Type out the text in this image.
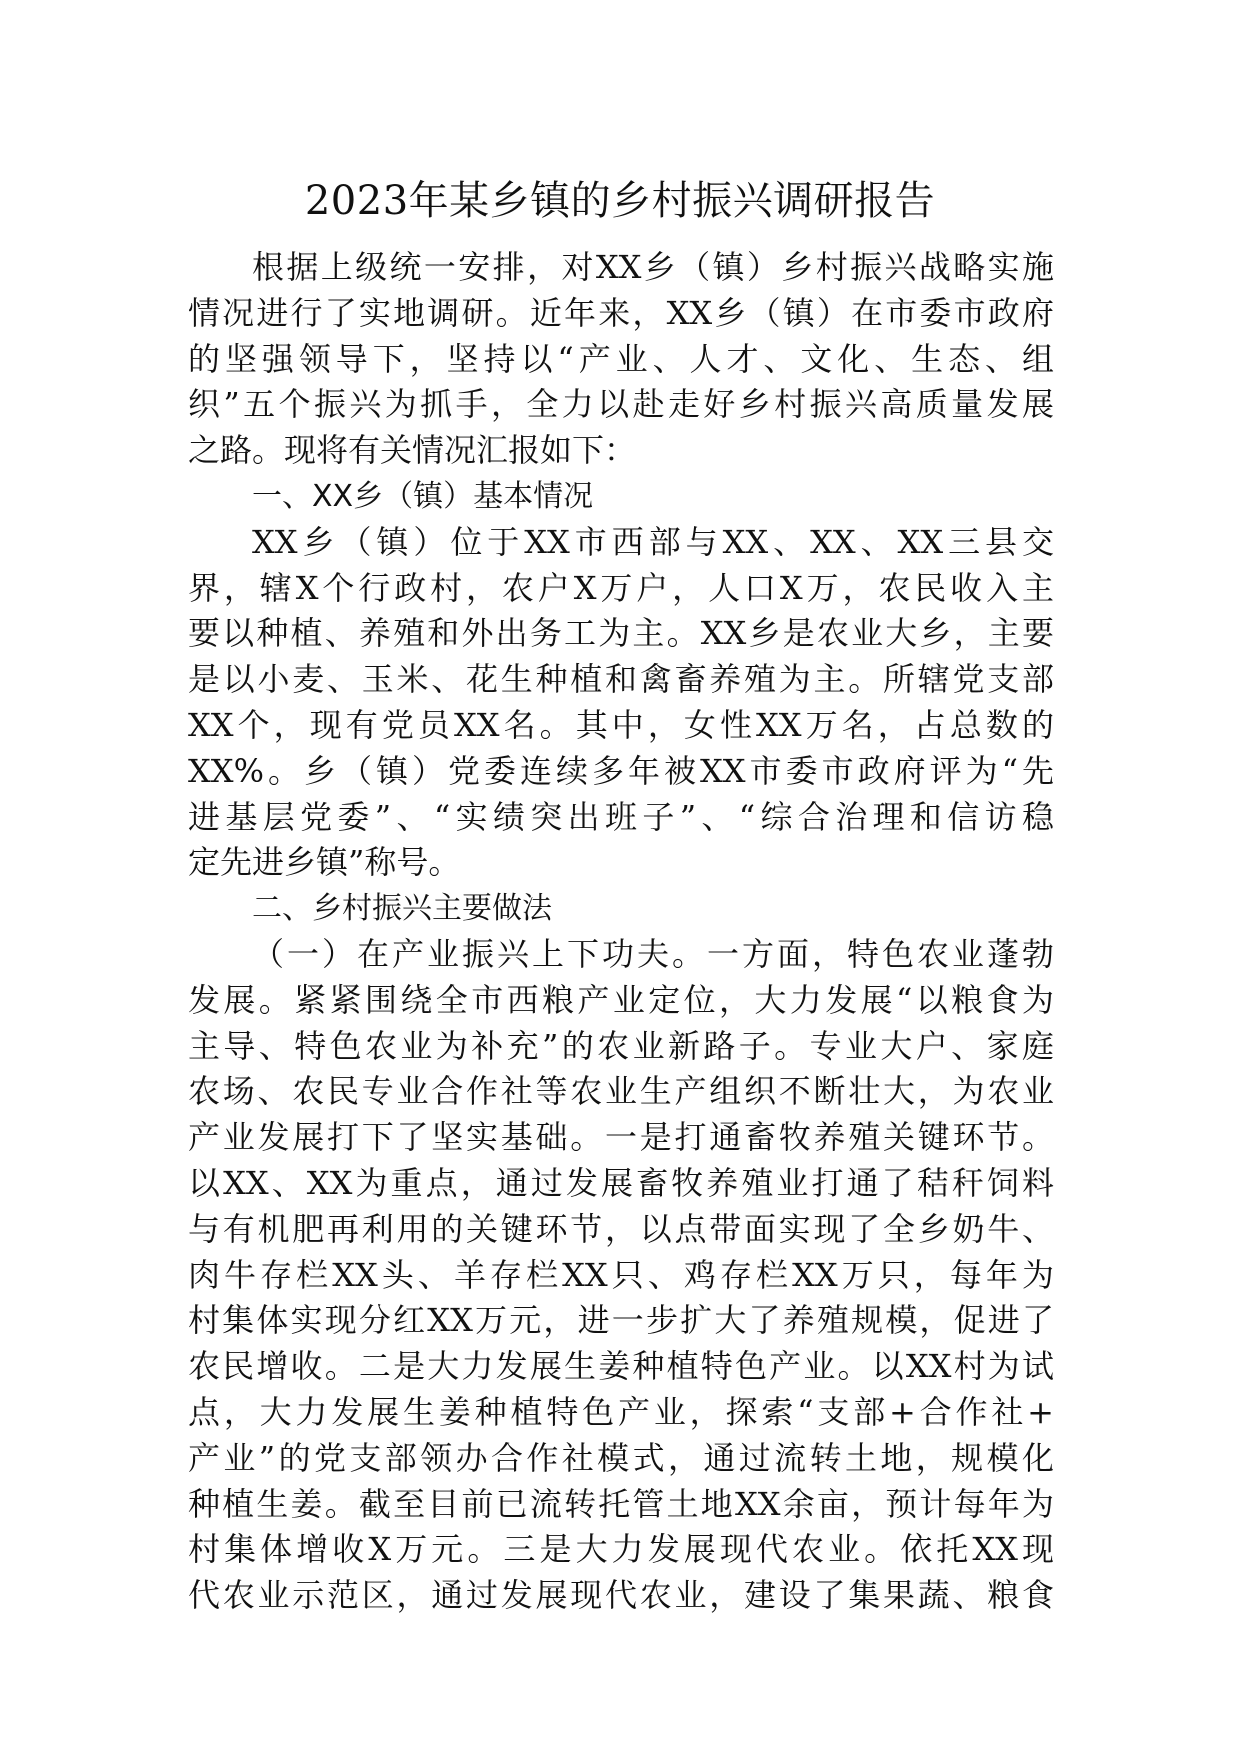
2023年某乡镇的乡村振兴调研报告
根据上级统一安排，对XX乡（镇）乡村振兴战略实施
情况进行了实地调研。近年来，XX乡（镇）在市委市政府
的坚强领导下，坚持以“产业、人才、文化、生态、组
织”五个振兴为抓手，全力以赴走好乡村振兴高质量发展
之路。现将有关情况汇报如下：
一、XX乡（镇）基本情况
XX乡（镇）位于XX市西部与XX、XX、XX三县交
界，辖X个行政村，农户X万户，人口X万，农民收入主
要以种植、养殖和外出务工为主。XX乡是农业大乡，主要
是以小麦、玉米、花生种植和禽畜养殖为主。所辖党支部
XX个，现有党员XX名。其中，女性XX万名，占总数的
XX%。乡（镇）党委连续多年被XX市委市政府评为“先
进基层党委”、“实绩突出班子”、“综合治理和信访稳
定先进乡镇”称号。
二、乡村振兴主要做法
（一）在产业振兴上下功夫。一方面，特色农业蓬勃
发展。紧紧围绕全市西粮产业定位，大力发展“以粮食为
主导、特色农业为补充”的农业新路子。专业大户、家庭
农场、农民专业合作社等农业生产组织不断壮大，为农业
产业发展打下了坚实基础。一是打通畜牧养殖关键环节。
以XX、XX为重点，通过发展畜牧养殖业打通了秸秆饲料
与有机肥再利用的关键环节，以点带面实现了全乡奶牛、
肉牛存栏XX头、羊存栏XX只、鸡存栏XX万只，每年为
村集体实现分红XX万元，进一步扩大了养殖规模，促进了
农民增收。二是大力发展生姜种植特色产业。以XX村为试
点，大力发展生姜种植特色产业，探索“支部+合作社+
产业”的党支部领办合作社模式，通过流转土地，规模化
种植生姜。截至目前已流转托管土地XX余亩，预计每年为
村集体增收X万元。三是大力发展现代农业。依托XX现
代农业示范区，通过发展现代农业，建设了集果蔬、粮食
